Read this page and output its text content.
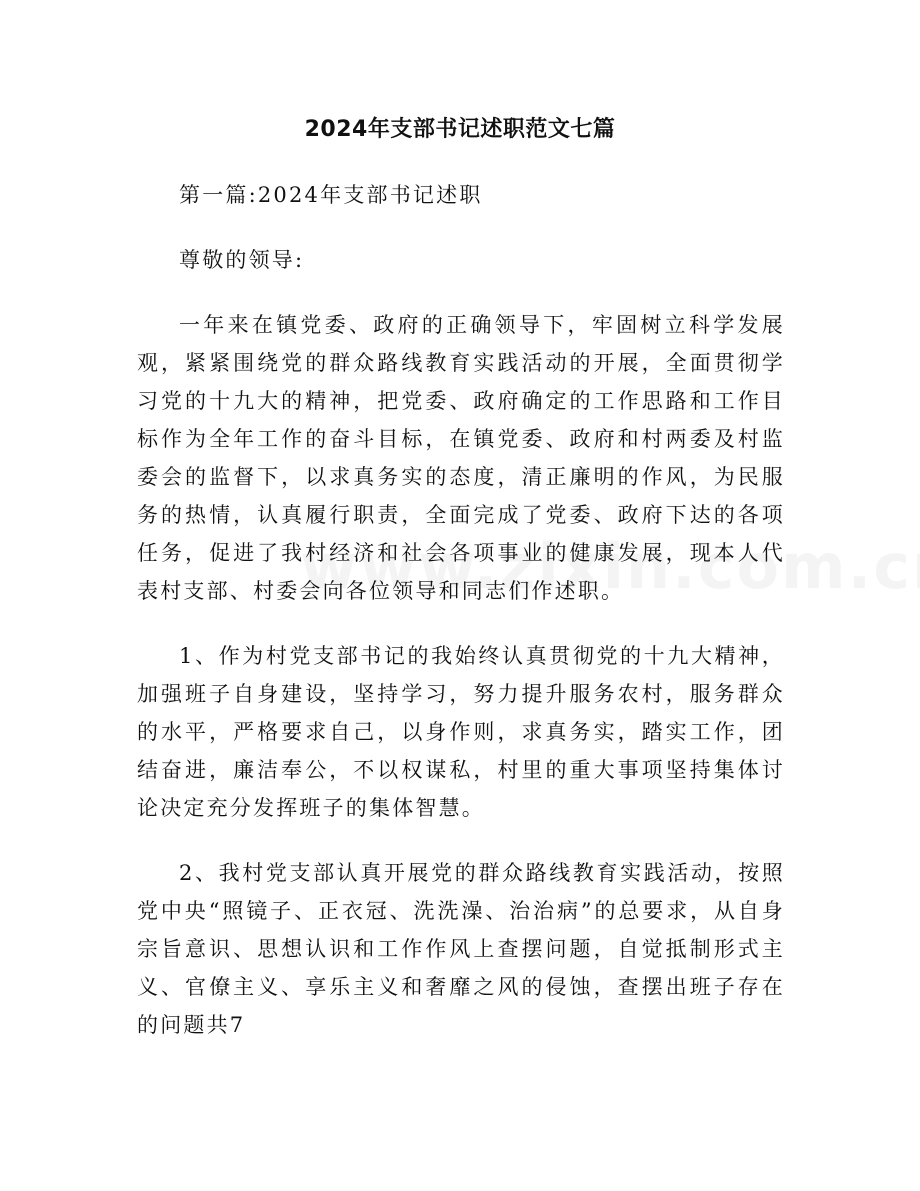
2024年支部书记述职范文七篇

第一篇:2024年支部书记述职

尊敬的领导:

一年来在镇党委、政府的正确领导下，牢固树立科学发展观，紧紧围绕党的群众路线教育实践活动的开展，全面贯彻学习党的十九大的精神，把党委、政府确定的工作思路和工作目标作为全年工作的奋斗目标，在镇党委、政府和村两委及村监委会的监督下，以求真务实的态度，清正廉明的作风，为民服务的热情，认真履行职责，全面完成了党委、政府下达的各项任务，促进了我村经济和社会各项事业的健康发展，现本人代表村支部、村委会向各位领导和同志们作述职。

1、作为村党支部书记的我始终认真贯彻党的十九大精神，加强班子自身建设，坚持学习，努力提升服务农村，服务群众的水平，严格要求自己，以身作则，求真务实，踏实工作，团结奋进，廉洁奉公，不以权谋私，村里的重大事项坚持集体讨论决定充分发挥班子的集体智慧。

2、我村党支部认真开展党的群众路线教育实践活动，按照党中央“照镜子、正衣冠、洗洗澡、治治病”的总要求，从自身宗旨意识、思想认识和工作作风上查摆问题，自觉抵制形式主义、官僚主义、享乐主义和奢靡之风的侵蚀，查摆出班子存在的问题共7
